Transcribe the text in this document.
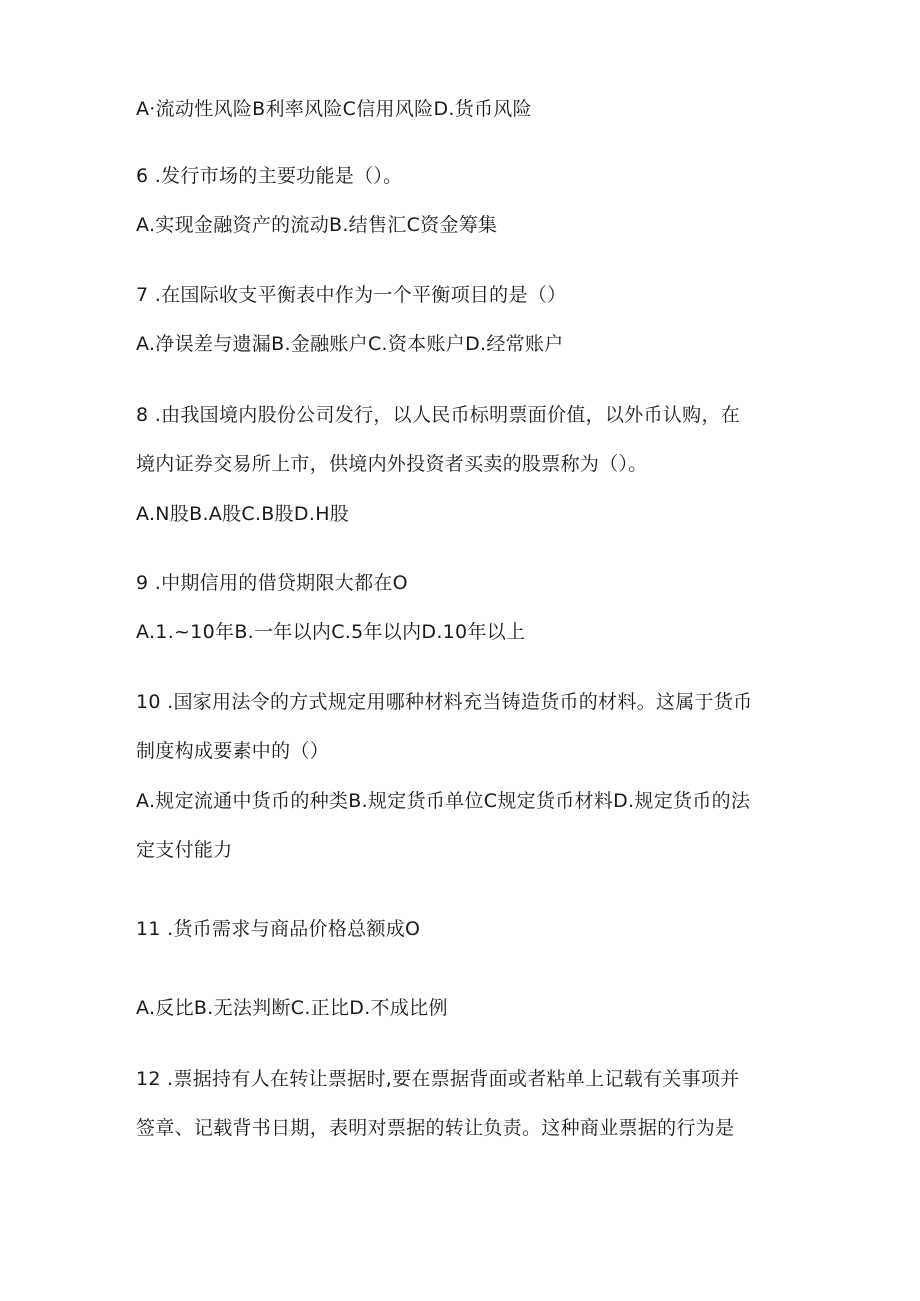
A·流动性风险B利率风险C信用风险D.货币风险
6 .发行市场的主要功能是（）。
A.实现金融资产的流动B.结售汇C资金筹集
7 .在国际收支平衡表中作为一个平衡项目的是（）
A.净误差与遗漏B.金融账户C.资本账户D.经常账户
8 .由我国境内股份公司发行，以人民币标明票面价值，以外币认购，在
境内证券交易所上市，供境内外投资者买卖的股票称为（）。
A.N股B.A股C.B股D.H股
9 .中期信用的借贷期限大都在O
A.1.~10年B.一年以内C.5年以内D.10年以上
10 .国家用法令的方式规定用哪种材料充当铸造货币的材料。这属于货币
制度构成要素中的（）
A.规定流通中货币的种类B.规定货币单位C规定货币材料D.规定货币的法
定支付能力
11 .货币需求与商品价格总额成O
A.反比B.无法判断C.正比D.不成比例
12 .票据持有人在转让票据时,要在票据背面或者粘单上记载有关事项并
签章、记载背书日期，表明对票据的转让负责。这种商业票据的行为是
